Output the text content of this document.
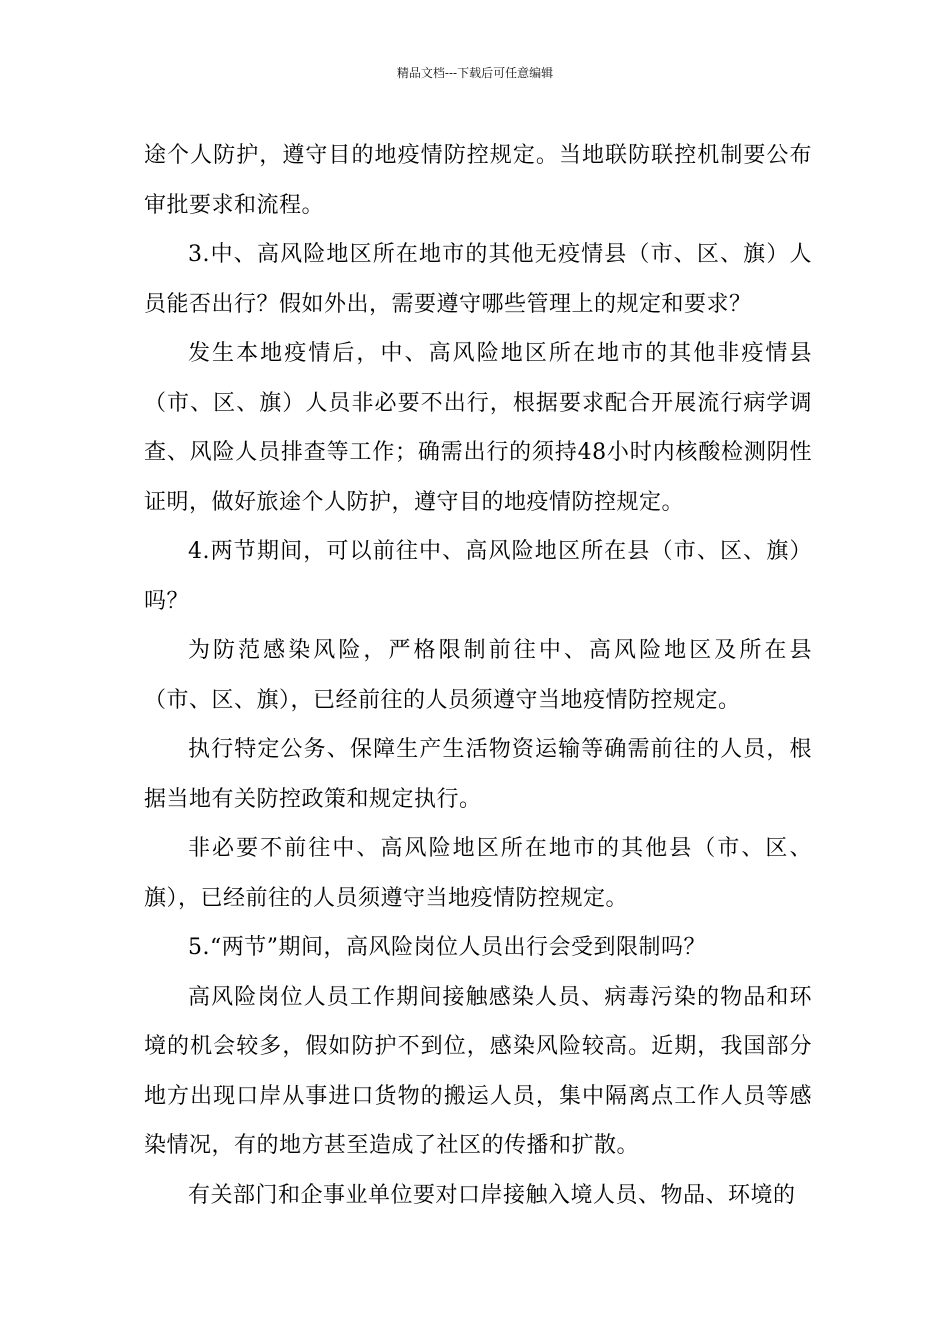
精品文档---下载后可任意编辑

途个人防护，遵守目的地疫情防控规定。当地联防联控机制要公布审批要求和流程。

3.中、高风险地区所在地市的其他无疫情县（市、区、旗）人员能否出行？假如外出，需要遵守哪些管理上的规定和要求？

发生本地疫情后，中、高风险地区所在地市的其他非疫情县（市、区、旗）人员非必要不出行，根据要求配合开展流行病学调查、风险人员排查等工作；确需出行的须持48小时内核酸检测阴性证明，做好旅途个人防护，遵守目的地疫情防控规定。

4.两节期间，可以前往中、高风险地区所在县（市、区、旗）吗？

为防范感染风险，严格限制前往中、高风险地区及所在县（市、区、旗），已经前往的人员须遵守当地疫情防控规定。

执行特定公务、保障生产生活物资运输等确需前往的人员，根据当地有关防控政策和规定执行。

非必要不前往中、高风险地区所在地市的其他县（市、区、旗），已经前往的人员须遵守当地疫情防控规定。

5.“两节”期间，高风险岗位人员出行会受到限制吗？

高风险岗位人员工作期间接触感染人员、病毒污染的物品和环境的机会较多，假如防护不到位，感染风险较高。近期，我国部分地方出现口岸从事进口货物的搬运人员，集中隔离点工作人员等感染情况，有的地方甚至造成了社区的传播和扩散。

有关部门和企事业单位要对口岸接触入境人员、物品、环境的
